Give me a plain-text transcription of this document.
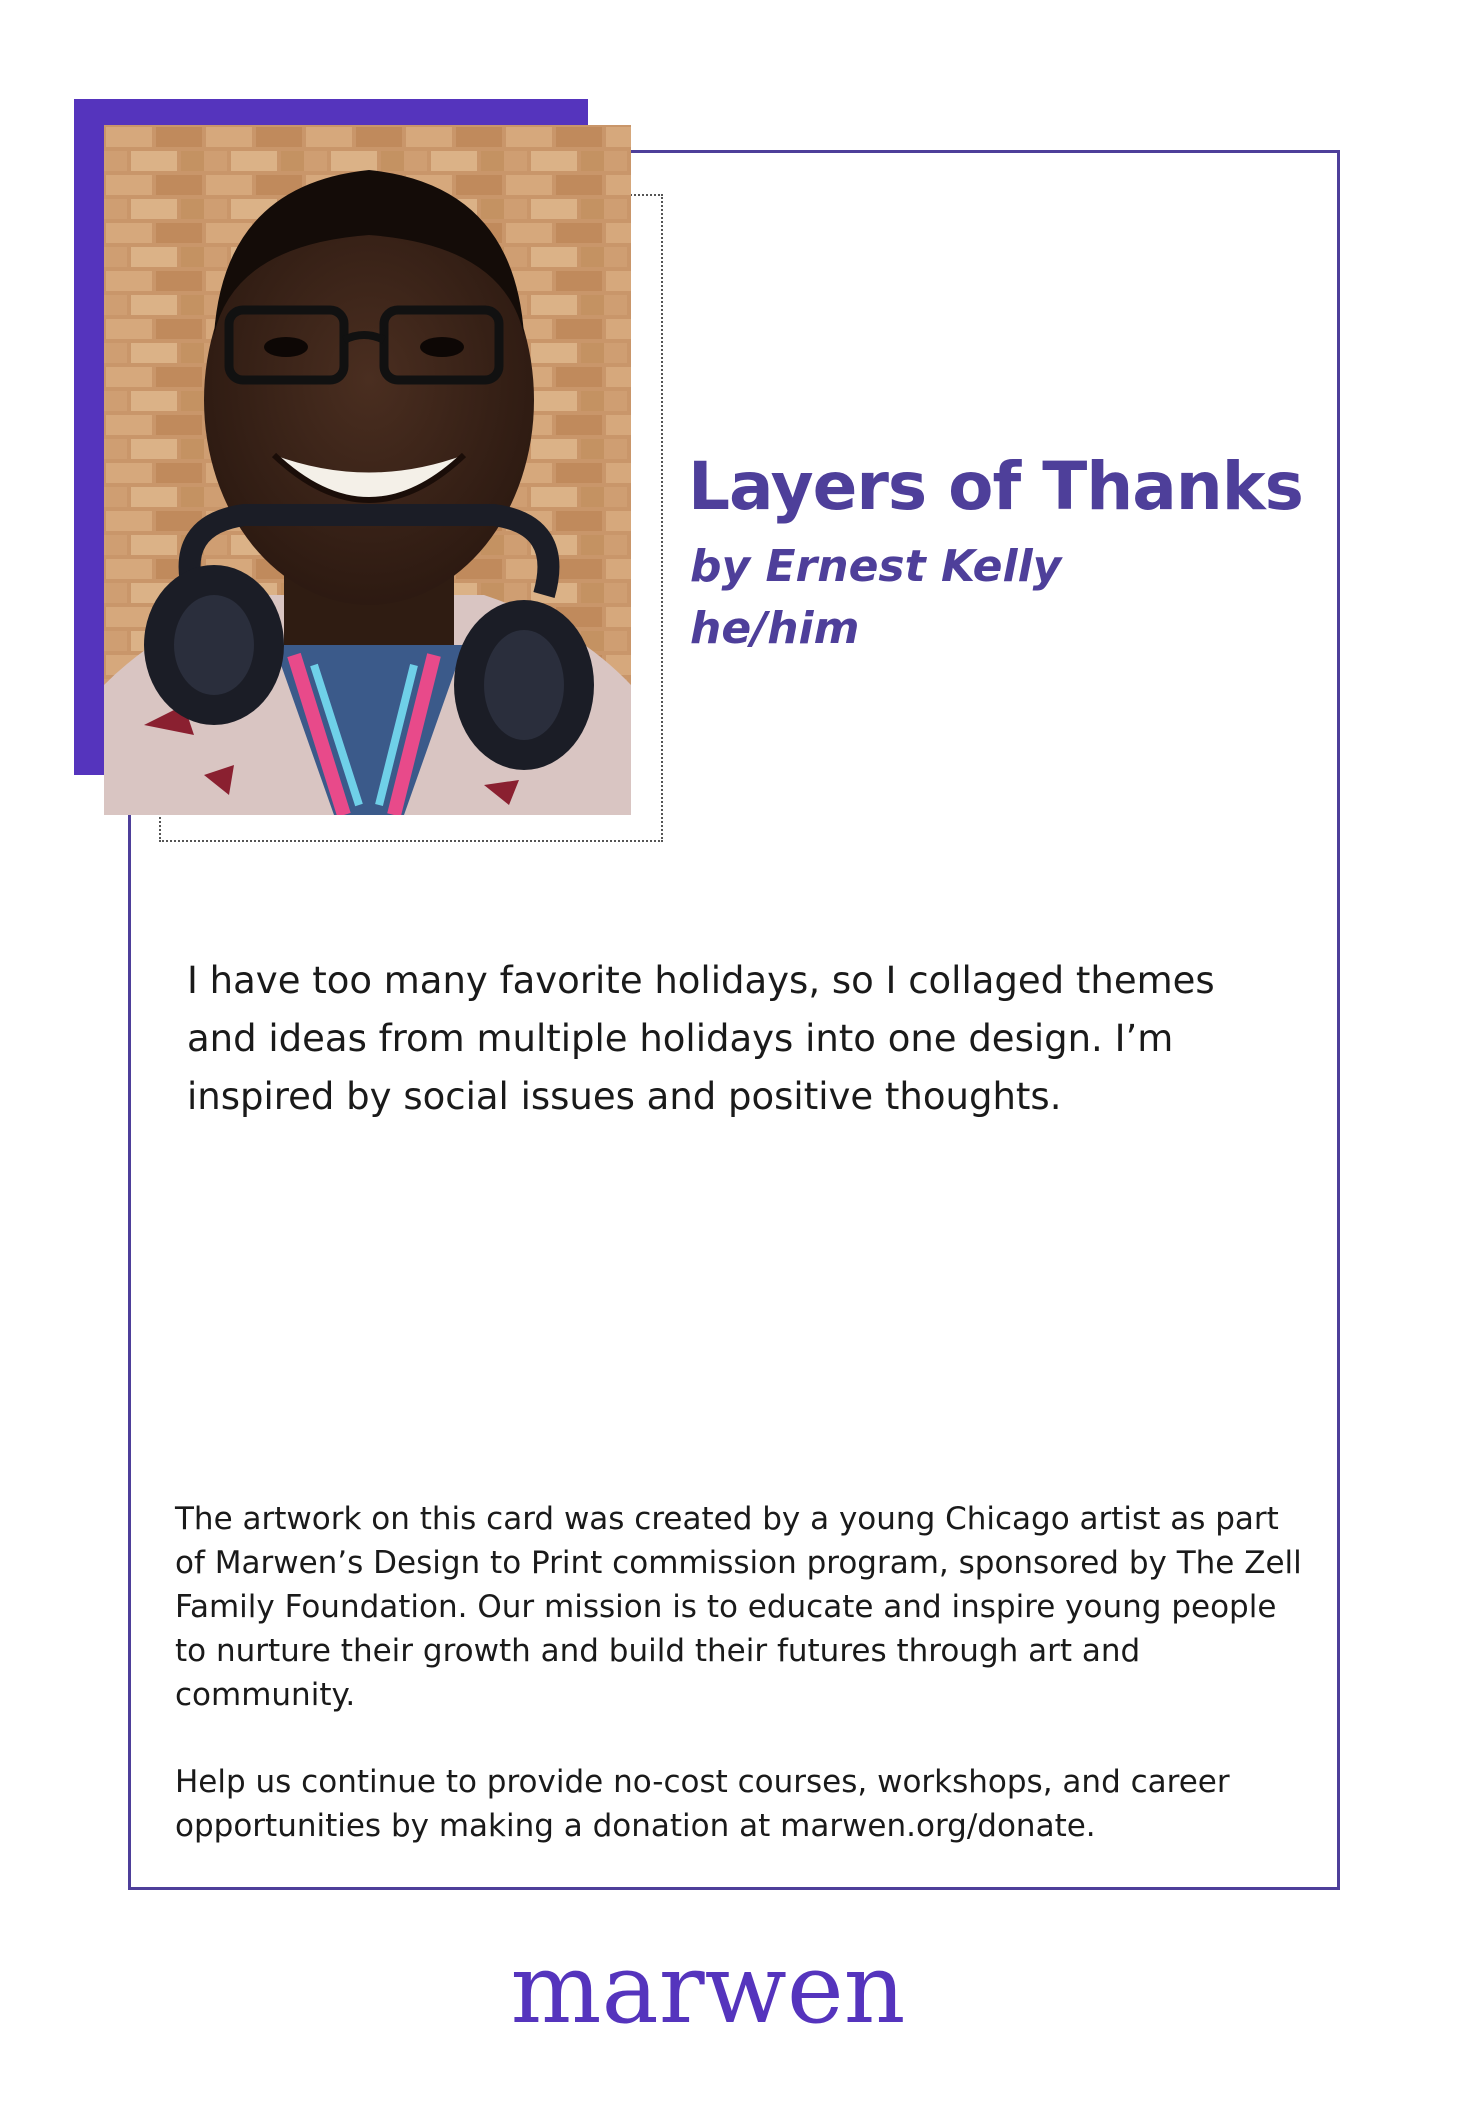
Layers of Thanks
by Ernest Kelly
he/him

I have too many favorite holidays, so I collaged themes and ideas from multiple holidays into one design. I’m inspired by social issues and positive thoughts.

The artwork on this card was created by a young Chicago artist as part of Marwen’s Design to Print commission program, sponsored by The Zell Family Foundation. Our mission is to educate and inspire young people to nurture their growth and build their futures through art and community.

Help us continue to provide no-cost courses, workshops, and career opportunities by making a donation at marwen.org/donate.

marwen
